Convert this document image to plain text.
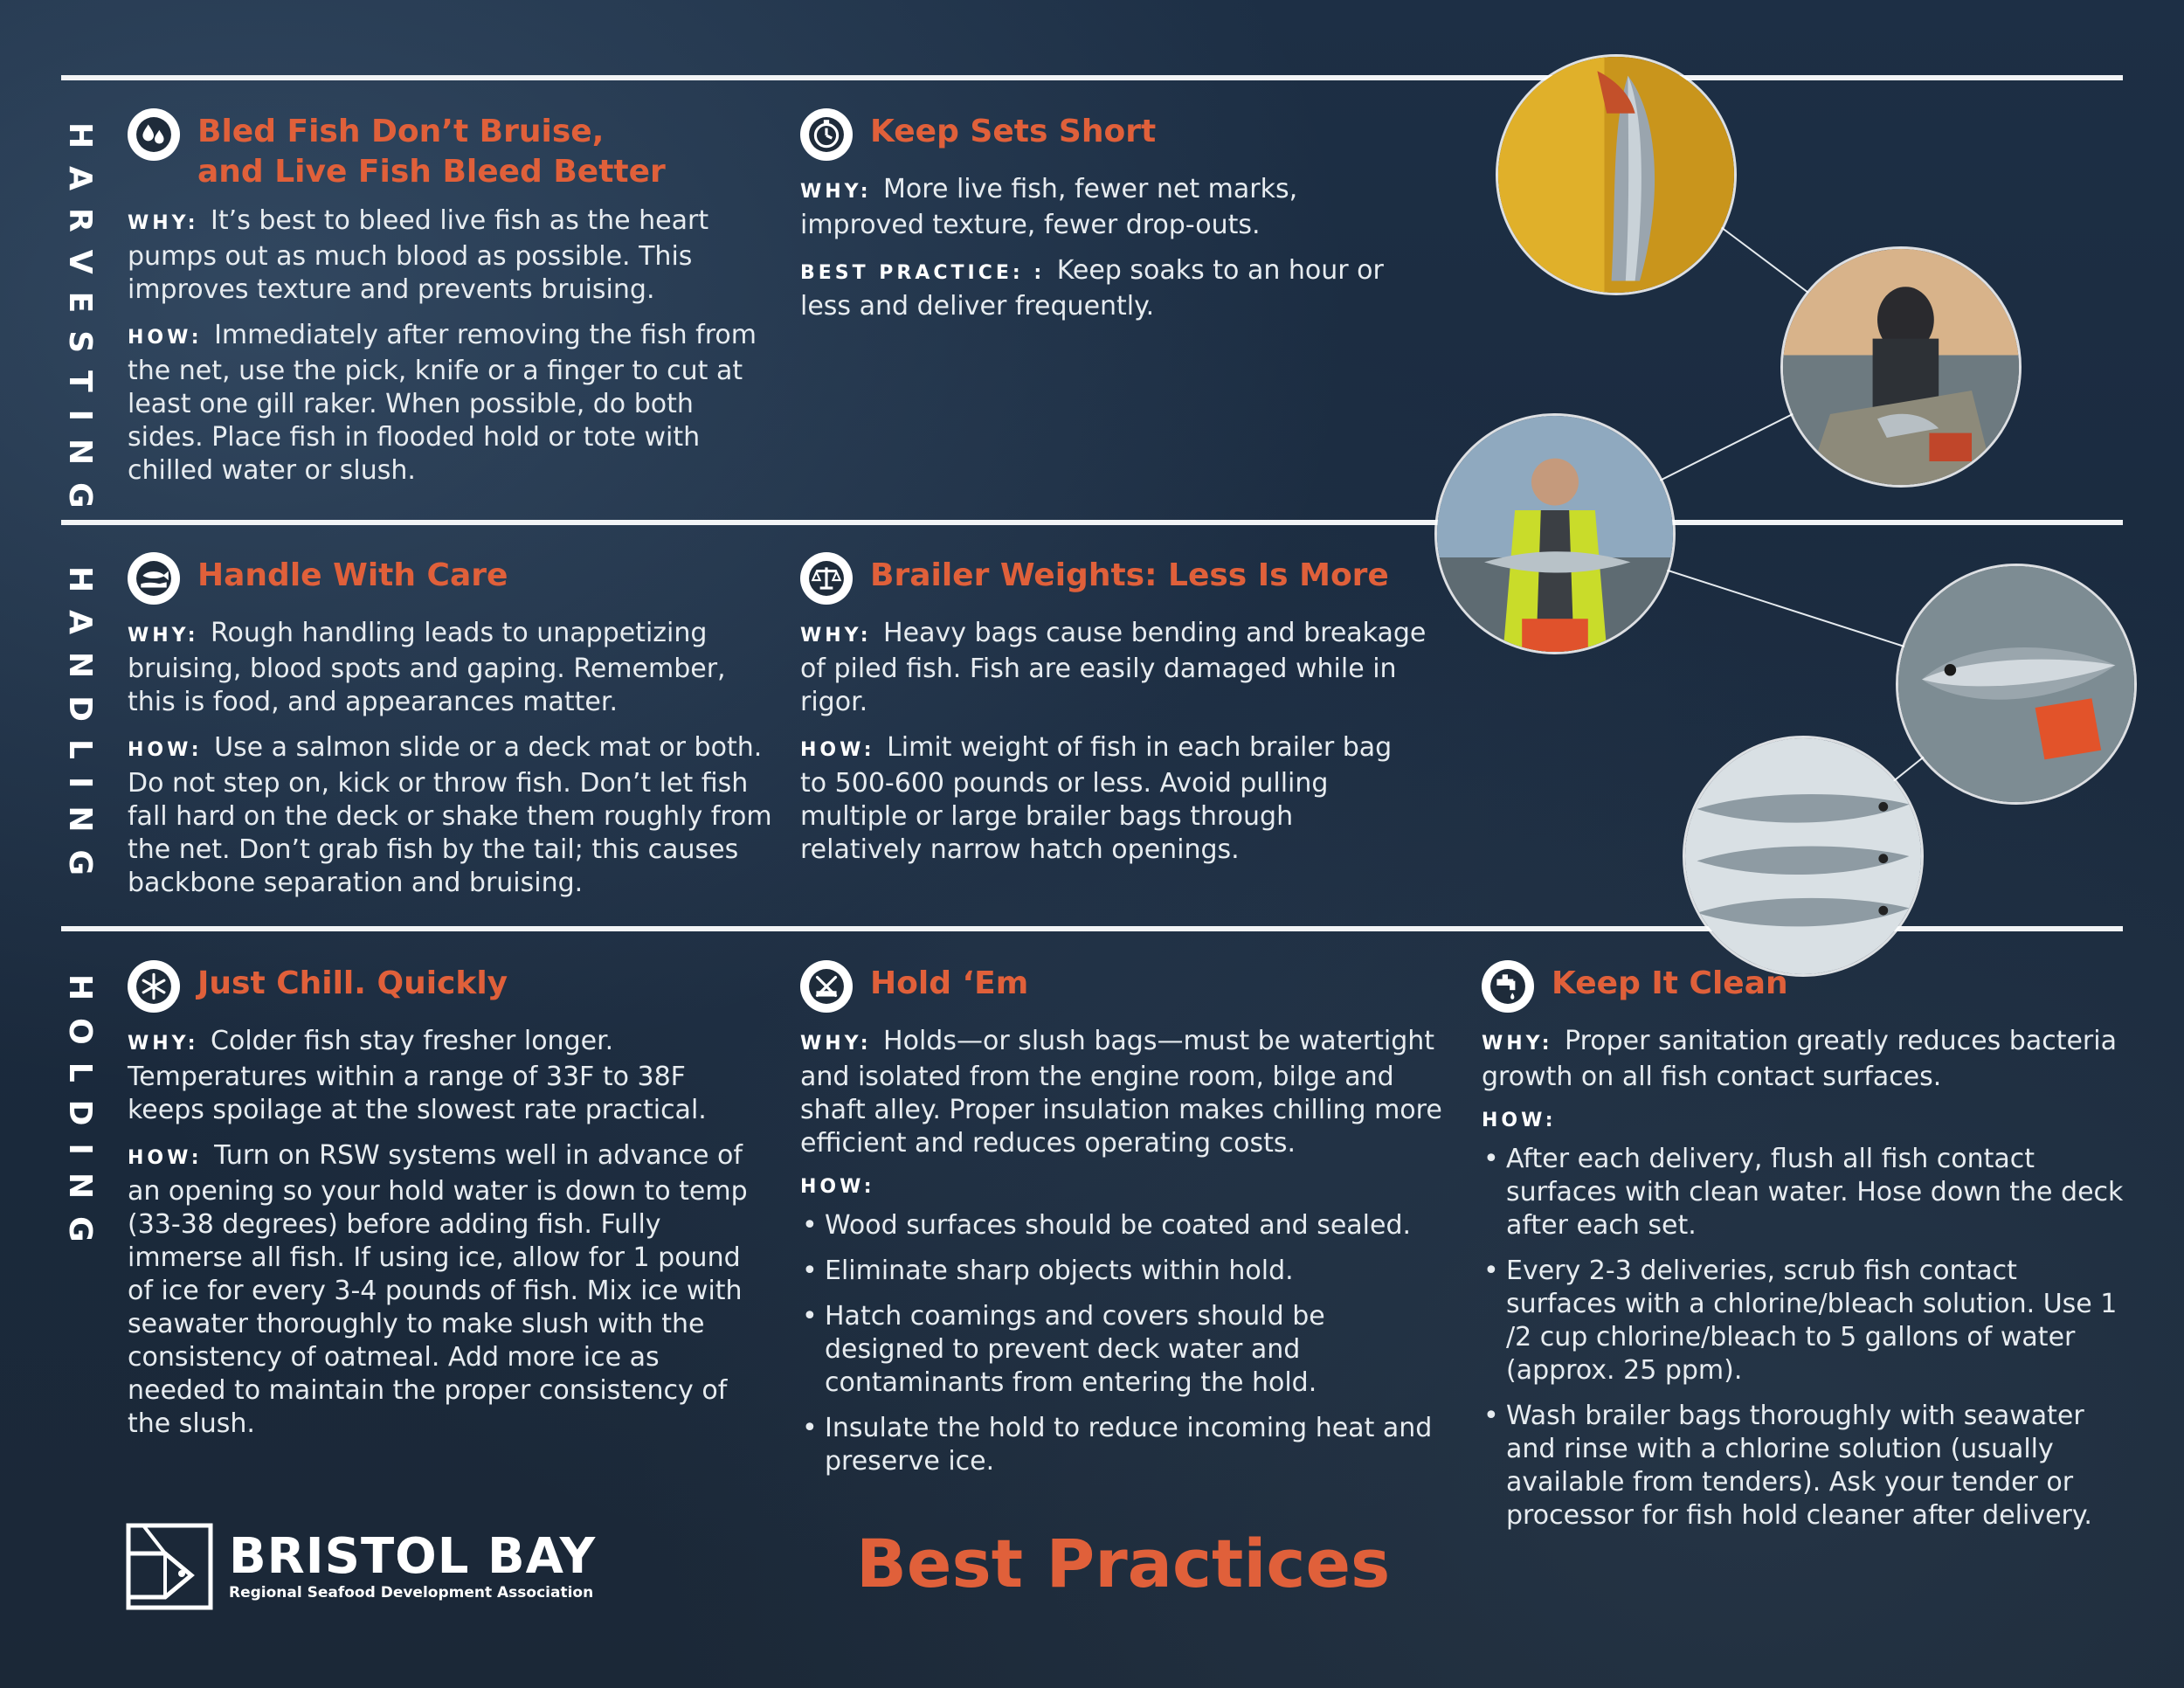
HARVESTING
HANDLING
HOLDING
Bled Fish Don’t Bruise,
and Live Fish Bleed Better

WHY: It’s best to bleed live fish as the heart pumps out as much blood as possible. This improves texture and prevents bruising.

HOW: Immediately after removing the fish from the net, use the pick, knife or a finger to cut at least one gill raker. When possible, do both sides. Place fish in flooded hold or tote with chilled water or slush.

Keep Sets Short

WHY: More live fish, fewer net marks, improved texture, fewer drop-outs.

BEST PRACTICE: : Keep soaks to an hour or less and deliver frequently.

Handle With Care

WHY: Rough handling leads to unappetizing bruising, blood spots and gaping. Remember, this is food, and appearances matter.

HOW: Use a salmon slide or a deck mat or both. Do not step on, kick or throw fish. Don’t let fish fall hard on the deck or shake them roughly from the net. Don’t grab fish by the tail; this causes backbone separation and bruising.

Brailer Weights: Less Is More

WHY: Heavy bags cause bending and breakage of piled fish. Fish are easily damaged while in rigor.

HOW: Limit weight of fish in each brailer bag to 500-600 pounds or less. Avoid pulling multiple or large brailer bags through relatively narrow hatch openings.

Just Chill. Quickly

WHY: Colder fish stay fresher longer. Temperatures within a range of 33F to 38F keeps spoilage at the slowest rate practical.

HOW: Turn on RSW systems well in advance of an opening so your hold water is down to temp (33-38 degrees) before adding fish. Fully immerse all fish. If using ice, allow for 1 pound of ice for every 3-4 pounds of fish. Mix ice with seawater thoroughly to make slush with the consistency of oatmeal. Add more ice as needed to maintain the proper consistency of the slush.

Hold ‘Em

WHY: Holds—or slush bags—must be watertight and isolated from the engine room, bilge and shaft alley. Proper insulation makes chilling more efficient and reduces operating costs.

HOW:
• Wood surfaces should be coated and sealed.
• Eliminate sharp objects within hold.
• Hatch coamings and covers should be designed to prevent deck water and contaminants from entering the hold.
• Insulate the hold to reduce incoming heat and preserve ice.
Keep It Clean

WHY: Proper sanitation greatly reduces bacteria growth on all fish contact surfaces.

HOW:
• After each delivery, flush all fish contact surfaces with clean water. Hose down the deck after each set.
• Every 2-3 deliveries, scrub fish contact surfaces with a chlorine/bleach solution. Use 1 /2 cup chlorine/bleach to 5 gallons of water (approx. 25 ppm).
• Wash brailer bags thoroughly with seawater and rinse with a chlorine solution (usually available from tenders). Ask your tender or processor for fish hold cleaner after delivery.
BRISTOL BAY
Regional Seafood Development Association	Best Practices
